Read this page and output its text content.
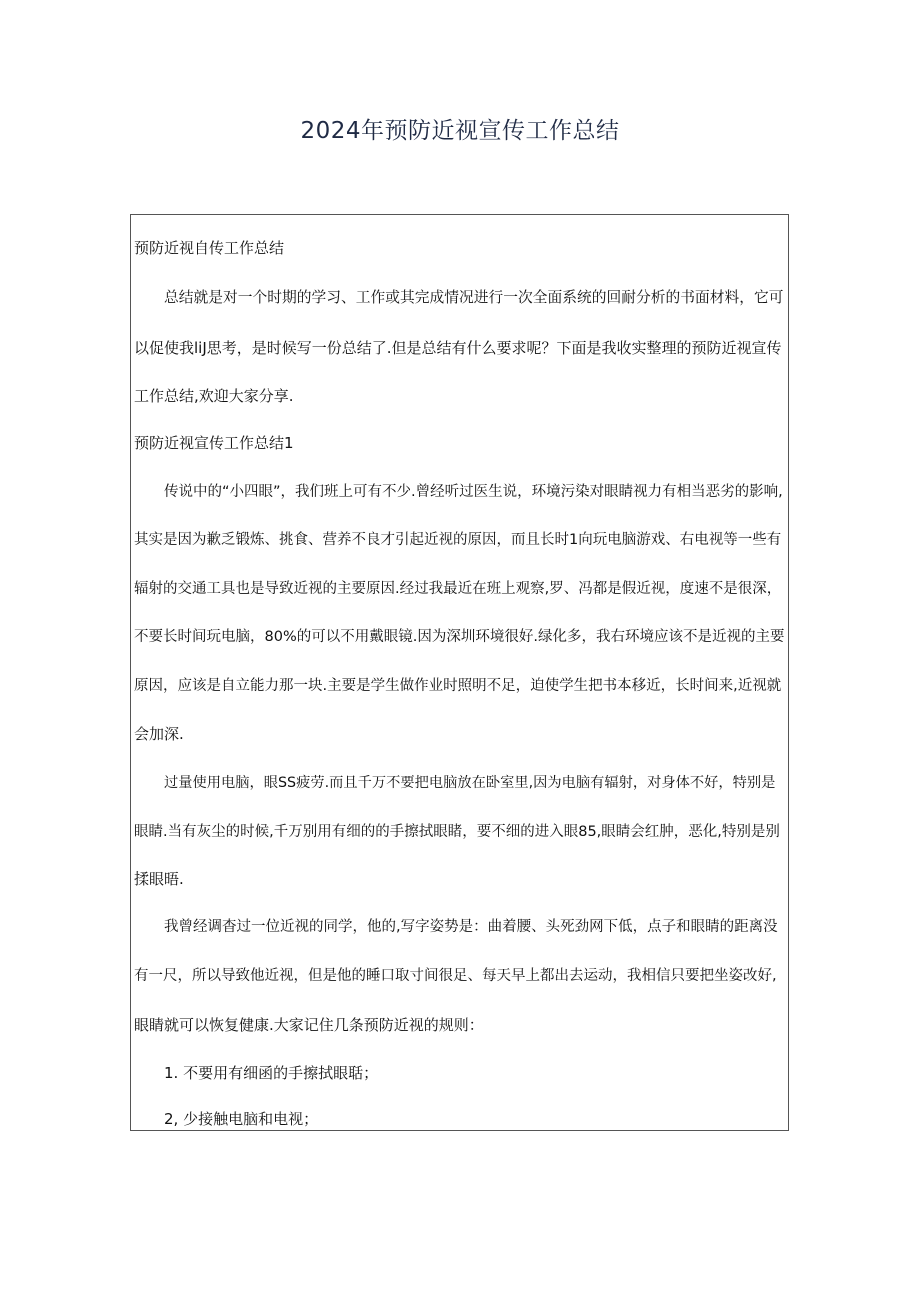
2024年预防近视宣传工作总结
预防近视自传工作总结
总结就是对一个时期的学习、工作或其完成情况进行一次全面系统的回耐分析的书面材料，它可
以促使我liJ思考，是时候写一份总结了.但是总结有什么要求呢？下面是我收实整理的预防近视宣传
工作总结,欢迎大家分享.
预防近视宣传工作总结1
传说中的“小四眼”，我们班上可有不少.曾经听过医生说，环境污染对眼睛视力有相当恶劣的影响,
其实是因为歉乏锻炼、挑食、营养不良才引起近视的原因，而且长时1向玩电脑游戏、右电视等一些有
辐射的交通工具也是导致近视的主要原因.经过我最近在班上观察,罗、冯都是假近视，度速不是很深，
不要长时间玩电脑，80%的可以不用戴眼镜.因为深圳环境很好.绿化多，我右环境应该不是近视的主要
原因，应该是自立能力那一块.主要是学生做作业时照明不足，迫使学生把书本移近，长时间来,近视就
会加深.
过量使用电脑，眼SS疲劳.而且千万不要把电脑放在卧室里,因为电脑有辐射，对身体不好，特别是
眼睛.当有灰尘的时候,千万别用有细的的手擦拭眼睹，要不细的进入眼85,眼睛会红肿，恶化,特别是别
揉眼晤.
我曾经调杳过一位近视的同学，他的,写字姿势是：曲着腰、头死劲网下低，点子和眼睛的距离没
有一尺，所以导致他近视，但是他的睡口取寸间很足、每天早上都出去运动，我相信只要把坐姿改好,
眼睛就可以恢复健康.大家记住几条预防近视的规则：
1. 不要用有细函的手擦拭眼聒；
2, 少接触电脑和电视；
